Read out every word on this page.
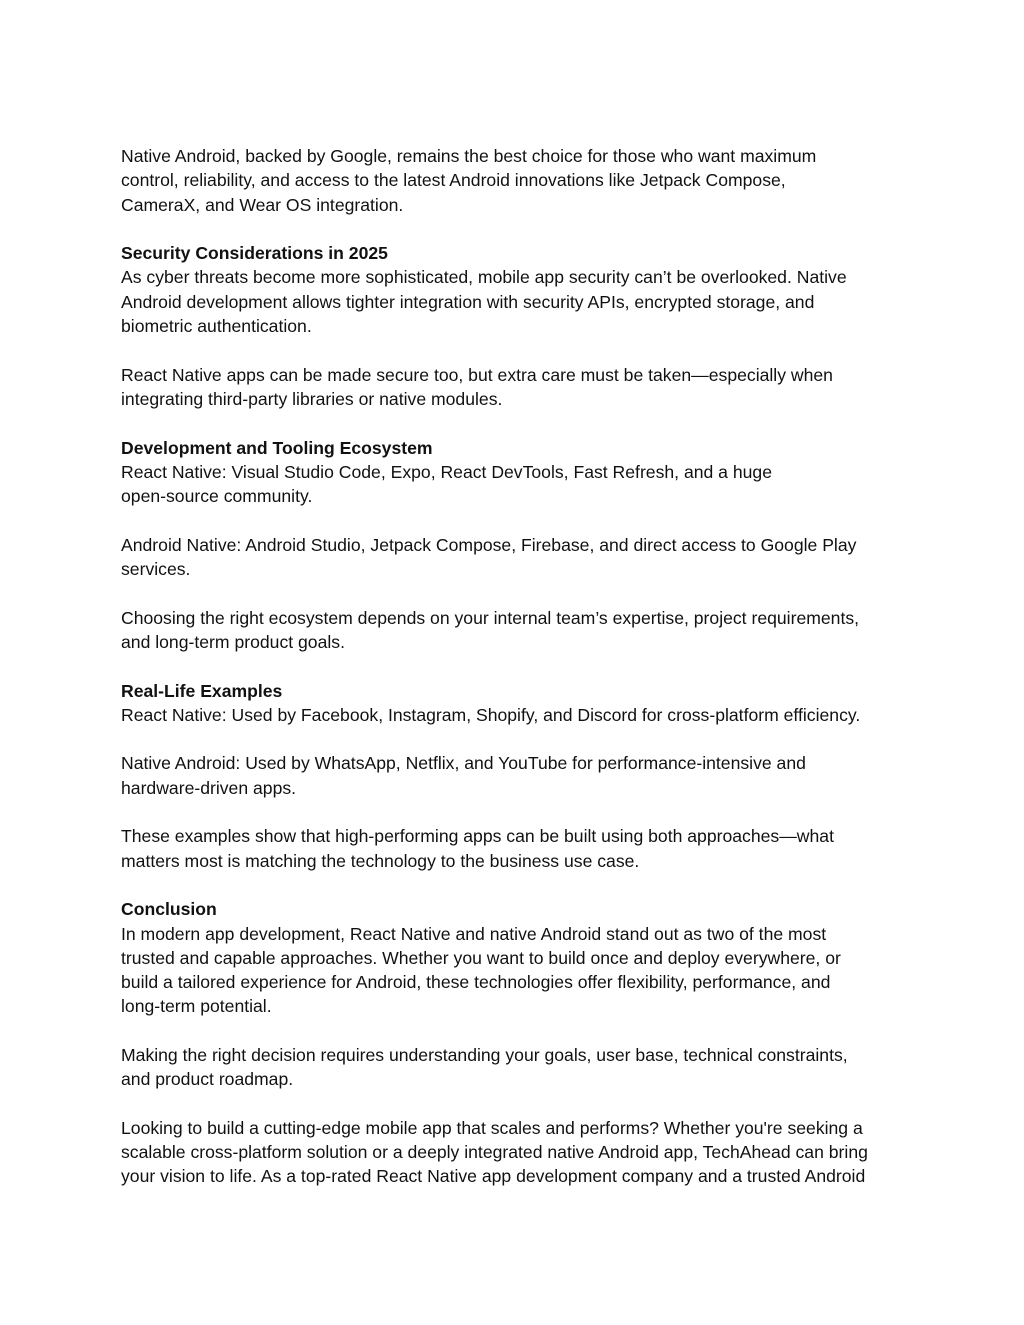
Native Android, backed by Google, remains the best choice for those who want maximum
control, reliability, and access to the latest Android innovations like Jetpack Compose,
CameraX, and Wear OS integration.
Security Considerations in 2025
As cyber threats become more sophisticated, mobile app security can’t be overlooked. Native
Android development allows tighter integration with security APIs, encrypted storage, and
biometric authentication.
React Native apps can be made secure too, but extra care must be taken—especially when
integrating third-party libraries or native modules.
Development and Tooling Ecosystem
React Native: Visual Studio Code, Expo, React DevTools, Fast Refresh, and a huge
open-source community.
Android Native: Android Studio, Jetpack Compose, Firebase, and direct access to Google Play
services.
Choosing the right ecosystem depends on your internal team’s expertise, project requirements,
and long-term product goals.
Real-Life Examples
React Native: Used by Facebook, Instagram, Shopify, and Discord for cross-platform efficiency.
Native Android: Used by WhatsApp, Netflix, and YouTube for performance-intensive and
hardware-driven apps.
These examples show that high-performing apps can be built using both approaches—what
matters most is matching the technology to the business use case.
Conclusion
In modern app development, React Native and native Android stand out as two of the most
trusted and capable approaches. Whether you want to build once and deploy everywhere, or
build a tailored experience for Android, these technologies offer flexibility, performance, and
long-term potential.
Making the right decision requires understanding your goals, user base, technical constraints,
and product roadmap.
Looking to build a cutting-edge mobile app that scales and performs? Whether you're seeking a
scalable cross-platform solution or a deeply integrated native Android app, TechAhead can bring
your vision to life. As a top-rated React Native app development company and a trusted Android
